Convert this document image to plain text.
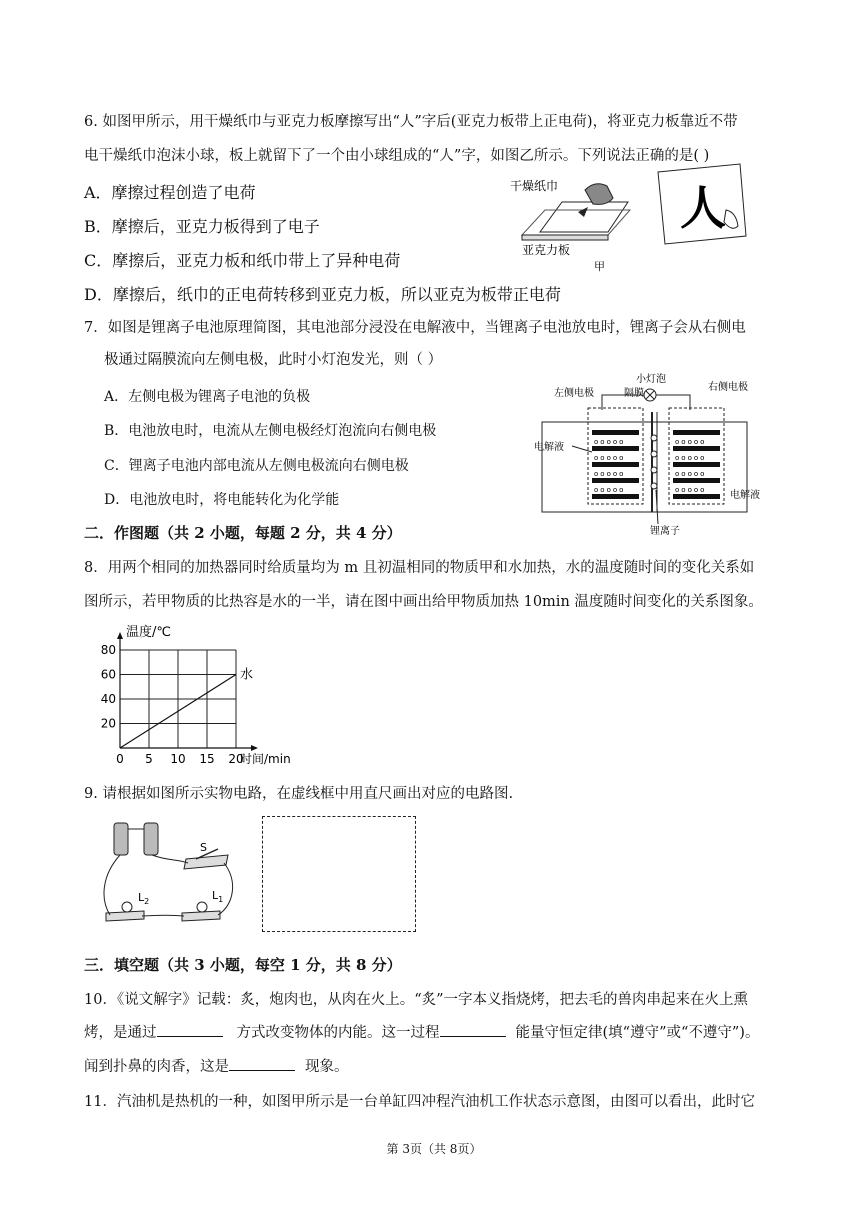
6. 如图甲所示，用干燥纸巾与亚克力板摩擦写出“人”字后(亚克力板带上正电荷)，将亚克力板靠近不带
电干燥纸巾泡沫小球，板上就留下了一个由小球组成的“人”字，如图乙所示。下列说法正确的是( )
A．摩擦过程创造了电荷
B．摩擦后，亚克力板得到了电子
C．摩擦后，亚克力板和纸巾带上了异种电荷
D．摩擦后，纸巾的正电荷转移到亚克力板，所以亚克为板带正电荷
干燥纸巾
亚克力板
甲
人
7．如图是锂离子电池原理简图，其电池部分浸没在电解液中，当锂离子电池放电时，锂离子会从右侧电
极通过隔膜流向左侧电极，此时小灯泡发光，则（ ）
A．左侧电极为锂离子电池的负极
B．电池放电时，电流从左侧电极经灯泡流向右侧电极
C．锂离子电池内部电流从左侧电极流向右侧电极
D．电池放电时，将电能转化为化学能
小灯泡
左侧电极	隔膜
右侧电极
ooooo
ooooo
ooooo
ooooo
ooooo
ooooo
ooooo
ooooo
电解液
电解液
锂离子
二．作图题（共 2 小题，每题 2 分，共 4 分）
8．用两个相同的加热器同时给质量均为 m 且初温相同的物质甲和水加热，水的温度随时间的变化关系如
图所示，若甲物质的比热容是水的一半，请在图中画出给甲物质加热 10min 温度随时间变化的关系图象。
0 5 10 15 20
20
40
60
80
时间/min
温度/℃
水
9. 请根据如图所示实物电路，在虚线框中用直尺画出对应的电路图.
S
$L_2$	$L_1$
三．填空题（共 3 小题，每空 1 分，共 8 分）
10．《说文解字》记载：炙，炮肉也，从肉在火上。“炙”一字本义指烧烤，把去毛的兽肉串起来在火上熏
烤，是通过	方式改变物体的内能。这一过程	能量守恒定律(填“遵守”或“不遵守”)。
闻到扑鼻的肉香，这是	现象。
11．汽油机是热机的一种，如图甲所示是一台单缸四冲程汽油机工作状态示意图，由图可以看出，此时它
第 3页（共 8页）
